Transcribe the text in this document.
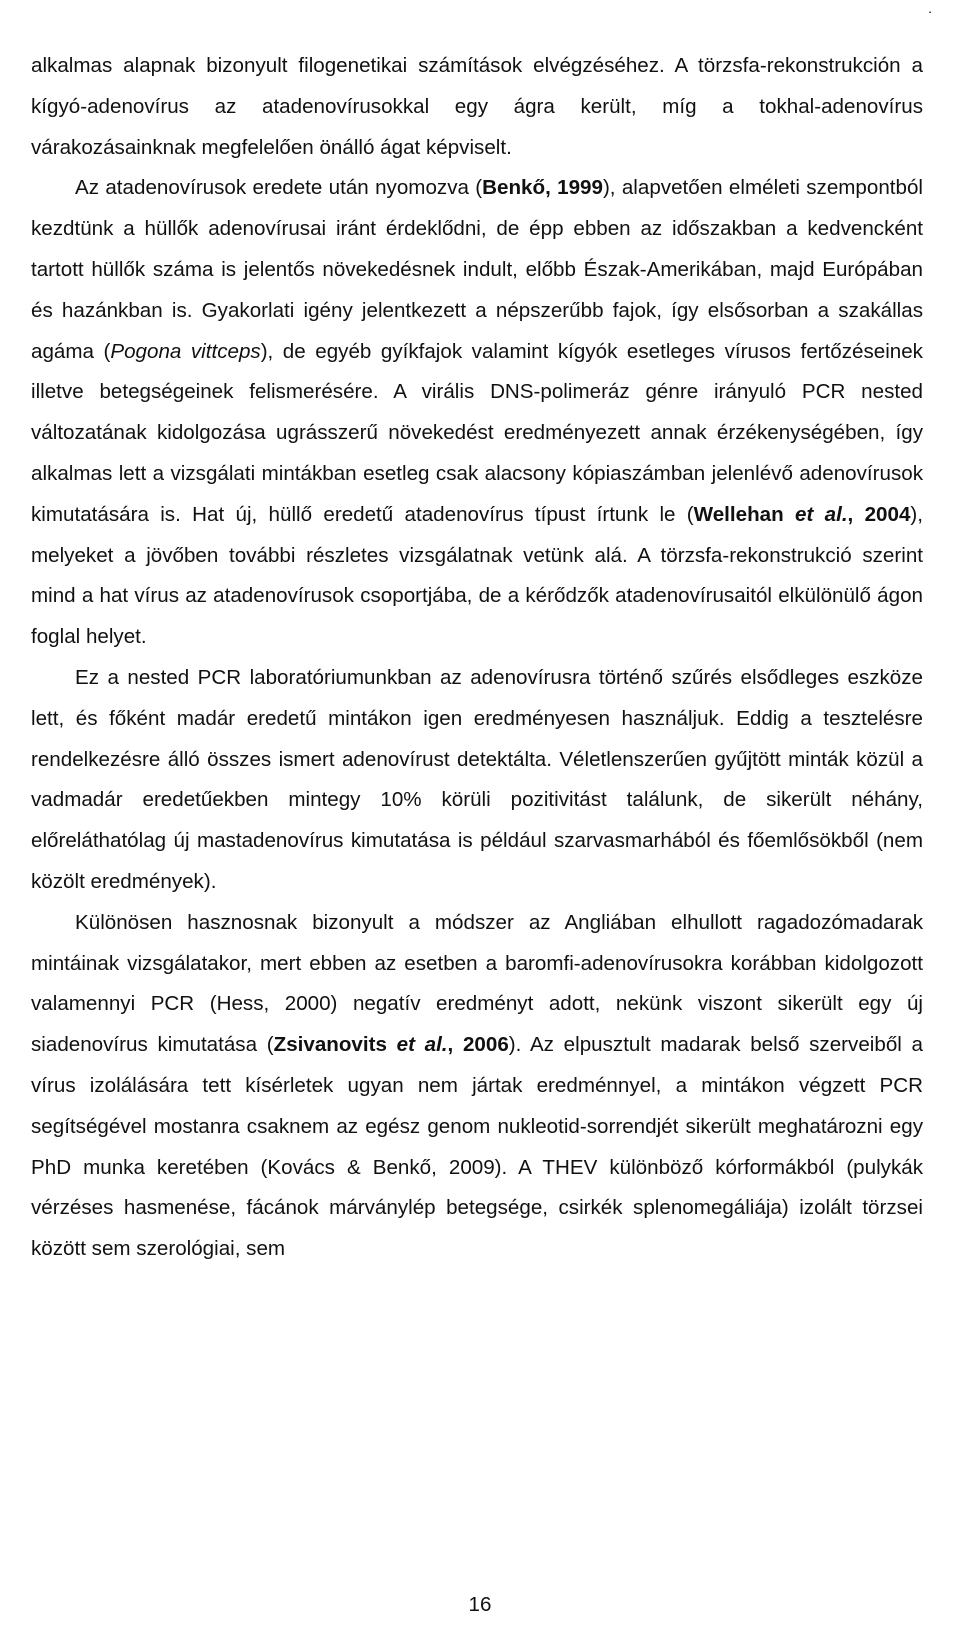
.

alkalmas alapnak bizonyult filogenetikai számítások elvégzéséhez. A törzsfa-rekonstrukción a kígyó-adenovírus az atadenovírusokkal egy ágra került, míg a tokhal-adenovírus várakozásainknak megfelelően önálló ágat képviselt.

Az atadenovírusok eredete után nyomozva (Benkő, 1999), alapvetően elméleti szempontból kezdtünk a hüllők adenovírusai iránt érdeklődni, de épp ebben az időszakban a kedvencként tartott hüllők száma is jelentős növekedésnek indult, előbb Észak-Amerikában, majd Európában és hazánkban is. Gyakorlati igény jelentkezett a népszerűbb fajok, így elsősorban a szakállas agáma (Pogona vittceps), de egyéb gyíkfajok valamint kígyók esetleges vírusos fertőzéseinek illetve betegségeinek felismerésére. A virális DNS-polimeráz génre irányuló PCR nested változatának kidolgozása ugrásszerű növekedést eredményezett annak érzékenységében, így alkalmas lett a vizsgálati mintákban esetleg csak alacsony kópiaszámban jelenlévő adenovírusok kimutatására is. Hat új, hüllő eredetű atadenovírus típust írtunk le (Wellehan et al., 2004), melyeket a jövőben további részletes vizsgálatnak vetünk alá. A törzsfa-rekonstrukció szerint mind a hat vírus az atadenovírusok csoportjába, de a kérődzők atadenovírusaitól elkülönülő ágon foglal helyet.

Ez a nested PCR laboratóriumunkban az adenovírusra történő szűrés elsődleges eszköze lett, és főként madár eredetű mintákon igen eredményesen használjuk. Eddig a tesztelésre rendelkezésre álló összes ismert adenovírust detektálta. Véletlenszerűen gyűjtött minták közül a vadmadár eredetűekben mintegy 10% körüli pozitivitást találunk, de sikerült néhány, előreláthatólag új mastadenovírus kimutatása is például szarvasmarhából és főemlősökből (nem közölt eredmények).

Különösen hasznosnak bizonyult a módszer az Angliában elhullott ragadozómadarak mintáinak vizsgálatakor, mert ebben az esetben a baromfi-adenovírusokra korábban kidolgozott valamennyi PCR (Hess, 2000) negatív eredményt adott, nekünk viszont sikerült egy új siadenovírus kimutatása (Zsivanovits et al., 2006). Az elpusztult madarak belső szerveiből a vírus izolálására tett kísérletek ugyan nem jártak eredménnyel, a mintákon végzett PCR segítségével mostanra csaknem az egész genom nukleotid-sorrendjét sikerült meghatározni egy PhD munka keretében (Kovács & Benkő, 2009). A THEV különböző kórformákból (pulykák vérzéses hasmenése, fácánok márványlép betegsége, csirkék splenomegáliája) izolált törzsei között sem szerológiai, sem

16
